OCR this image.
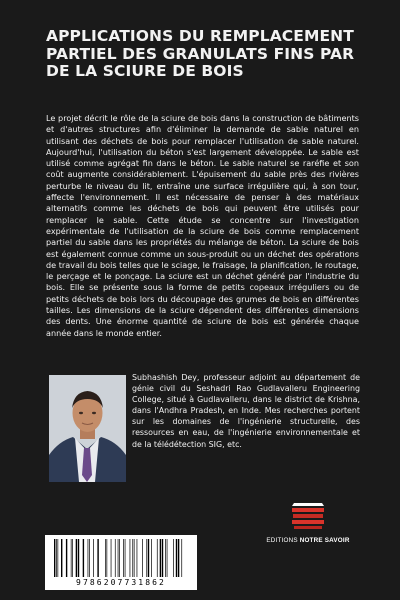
APPLICATIONS DU REMPLACEMENT PARTIEL DES GRANULATS FINS PAR DE LA SCIURE DE BOIS

Le projet décrit le rôle de la sciure de bois dans la construction de bâtiments et d'autres structures afin d'éliminer la demande de sable naturel en utilisant des déchets de bois pour remplacer l'utilisation de sable naturel. Aujourd'hui, l'utilisation du béton s'est largement développée. Le sable est utilisé comme agrégat fin dans le béton. Le sable naturel se raréfie et son coût augmente considérablement. L'épuisement du sable près des rivières perturbe le niveau du lit, entraîne une surface irrégulière qui, à son tour, affecte l'environnement. Il est nécessaire de penser à des matériaux alternatifs comme les déchets de bois qui peuvent être utilisés pour remplacer le sable. Cette étude se concentre sur l'investigation expérimentale de l'utilisation de la sciure de bois comme remplacement partiel du sable dans les propriétés du mélange de béton. La sciure de bois est également connue comme un sous-produit ou un déchet des opérations de travail du bois telles que le sciage, le fraisage, la planification, le routage, le perçage et le ponçage. La sciure est un déchet généré par l'industrie du bois. Elle se présente sous la forme de petits copeaux irréguliers ou de petits déchets de bois lors du découpage des grumes de bois en différentes tailles. Les dimensions de la sciure dépendent des différentes dimensions des dents. Une énorme quantité de sciure de bois est générée chaque année dans le monde entier.

Subhashish Dey, professeur adjoint au département de génie civil du Seshadri Rao Gudlavalleru Engineering College, situé à Gudlavalleru, dans le district de Krishna, dans l'Andhra Pradesh, en Inde. Mes recherches portent sur les domaines de l'ingénierie structurelle, des ressources en eau, de l'ingénierie environnementale et de la télédétection SIG, etc.

EDITIONS NOTRE SAVOIR
9786207731862
